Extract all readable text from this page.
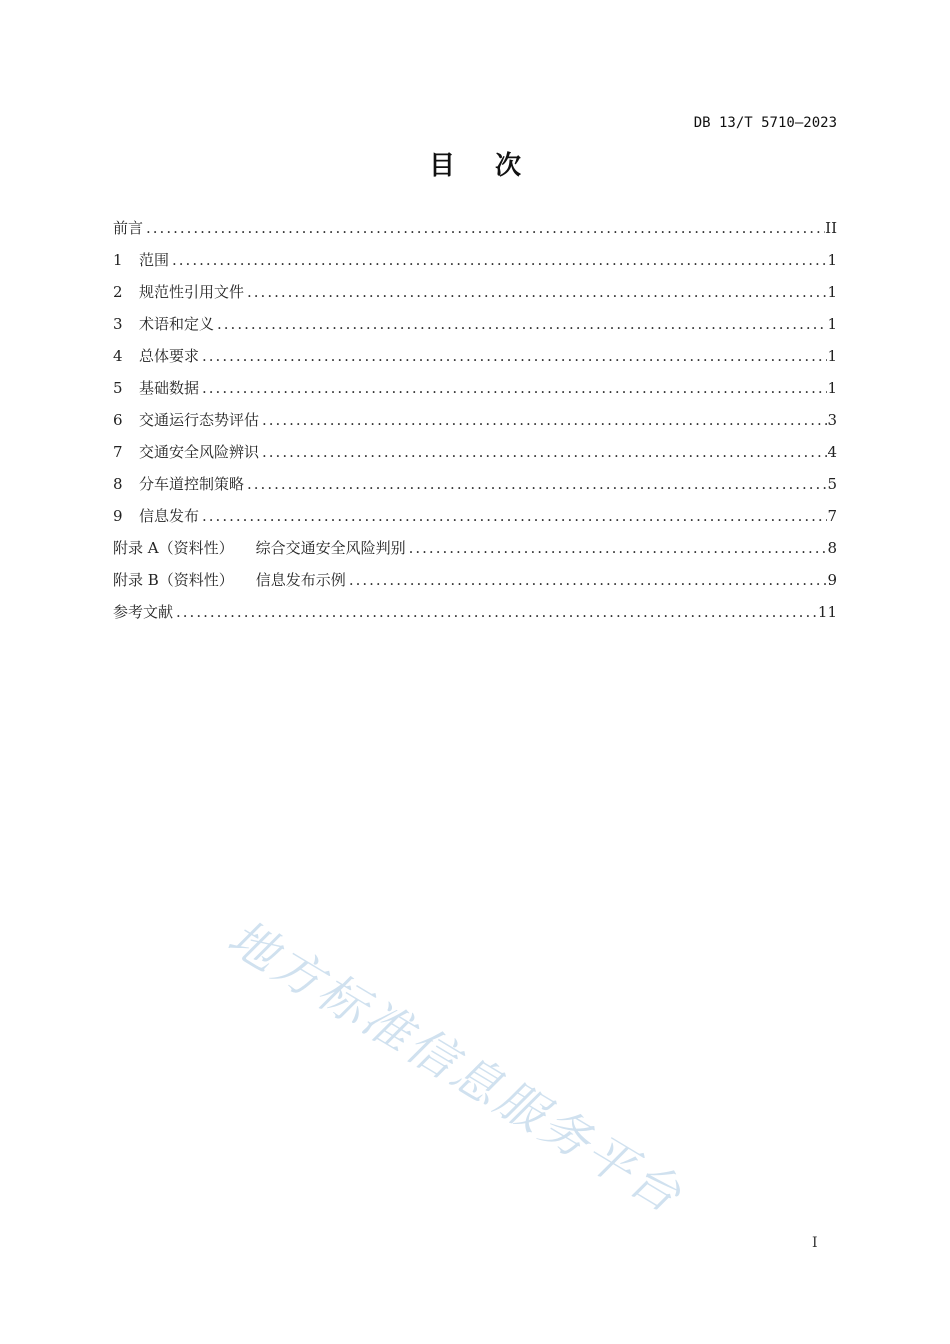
DB 13/T 5710—2023
目次
前言 .....	II
1	范围 .....	1
2	规范性引用文件 .....	1
3	术语和定义 .....	1
4	总体要求 .....	1
5	基础数据 .....	1
6	交通运行态势评估 .....	3
7	交通安全风险辨识 .....	4
8	分车道控制策略 .....	5
9	信息发布 .....	7
附录 A（资料性） 综合交通安全风险判别 .....	8
附录 B（资料性） 信息发布示例 .....	9
参考文献 .....	11
地方标准信息服务平台
I
